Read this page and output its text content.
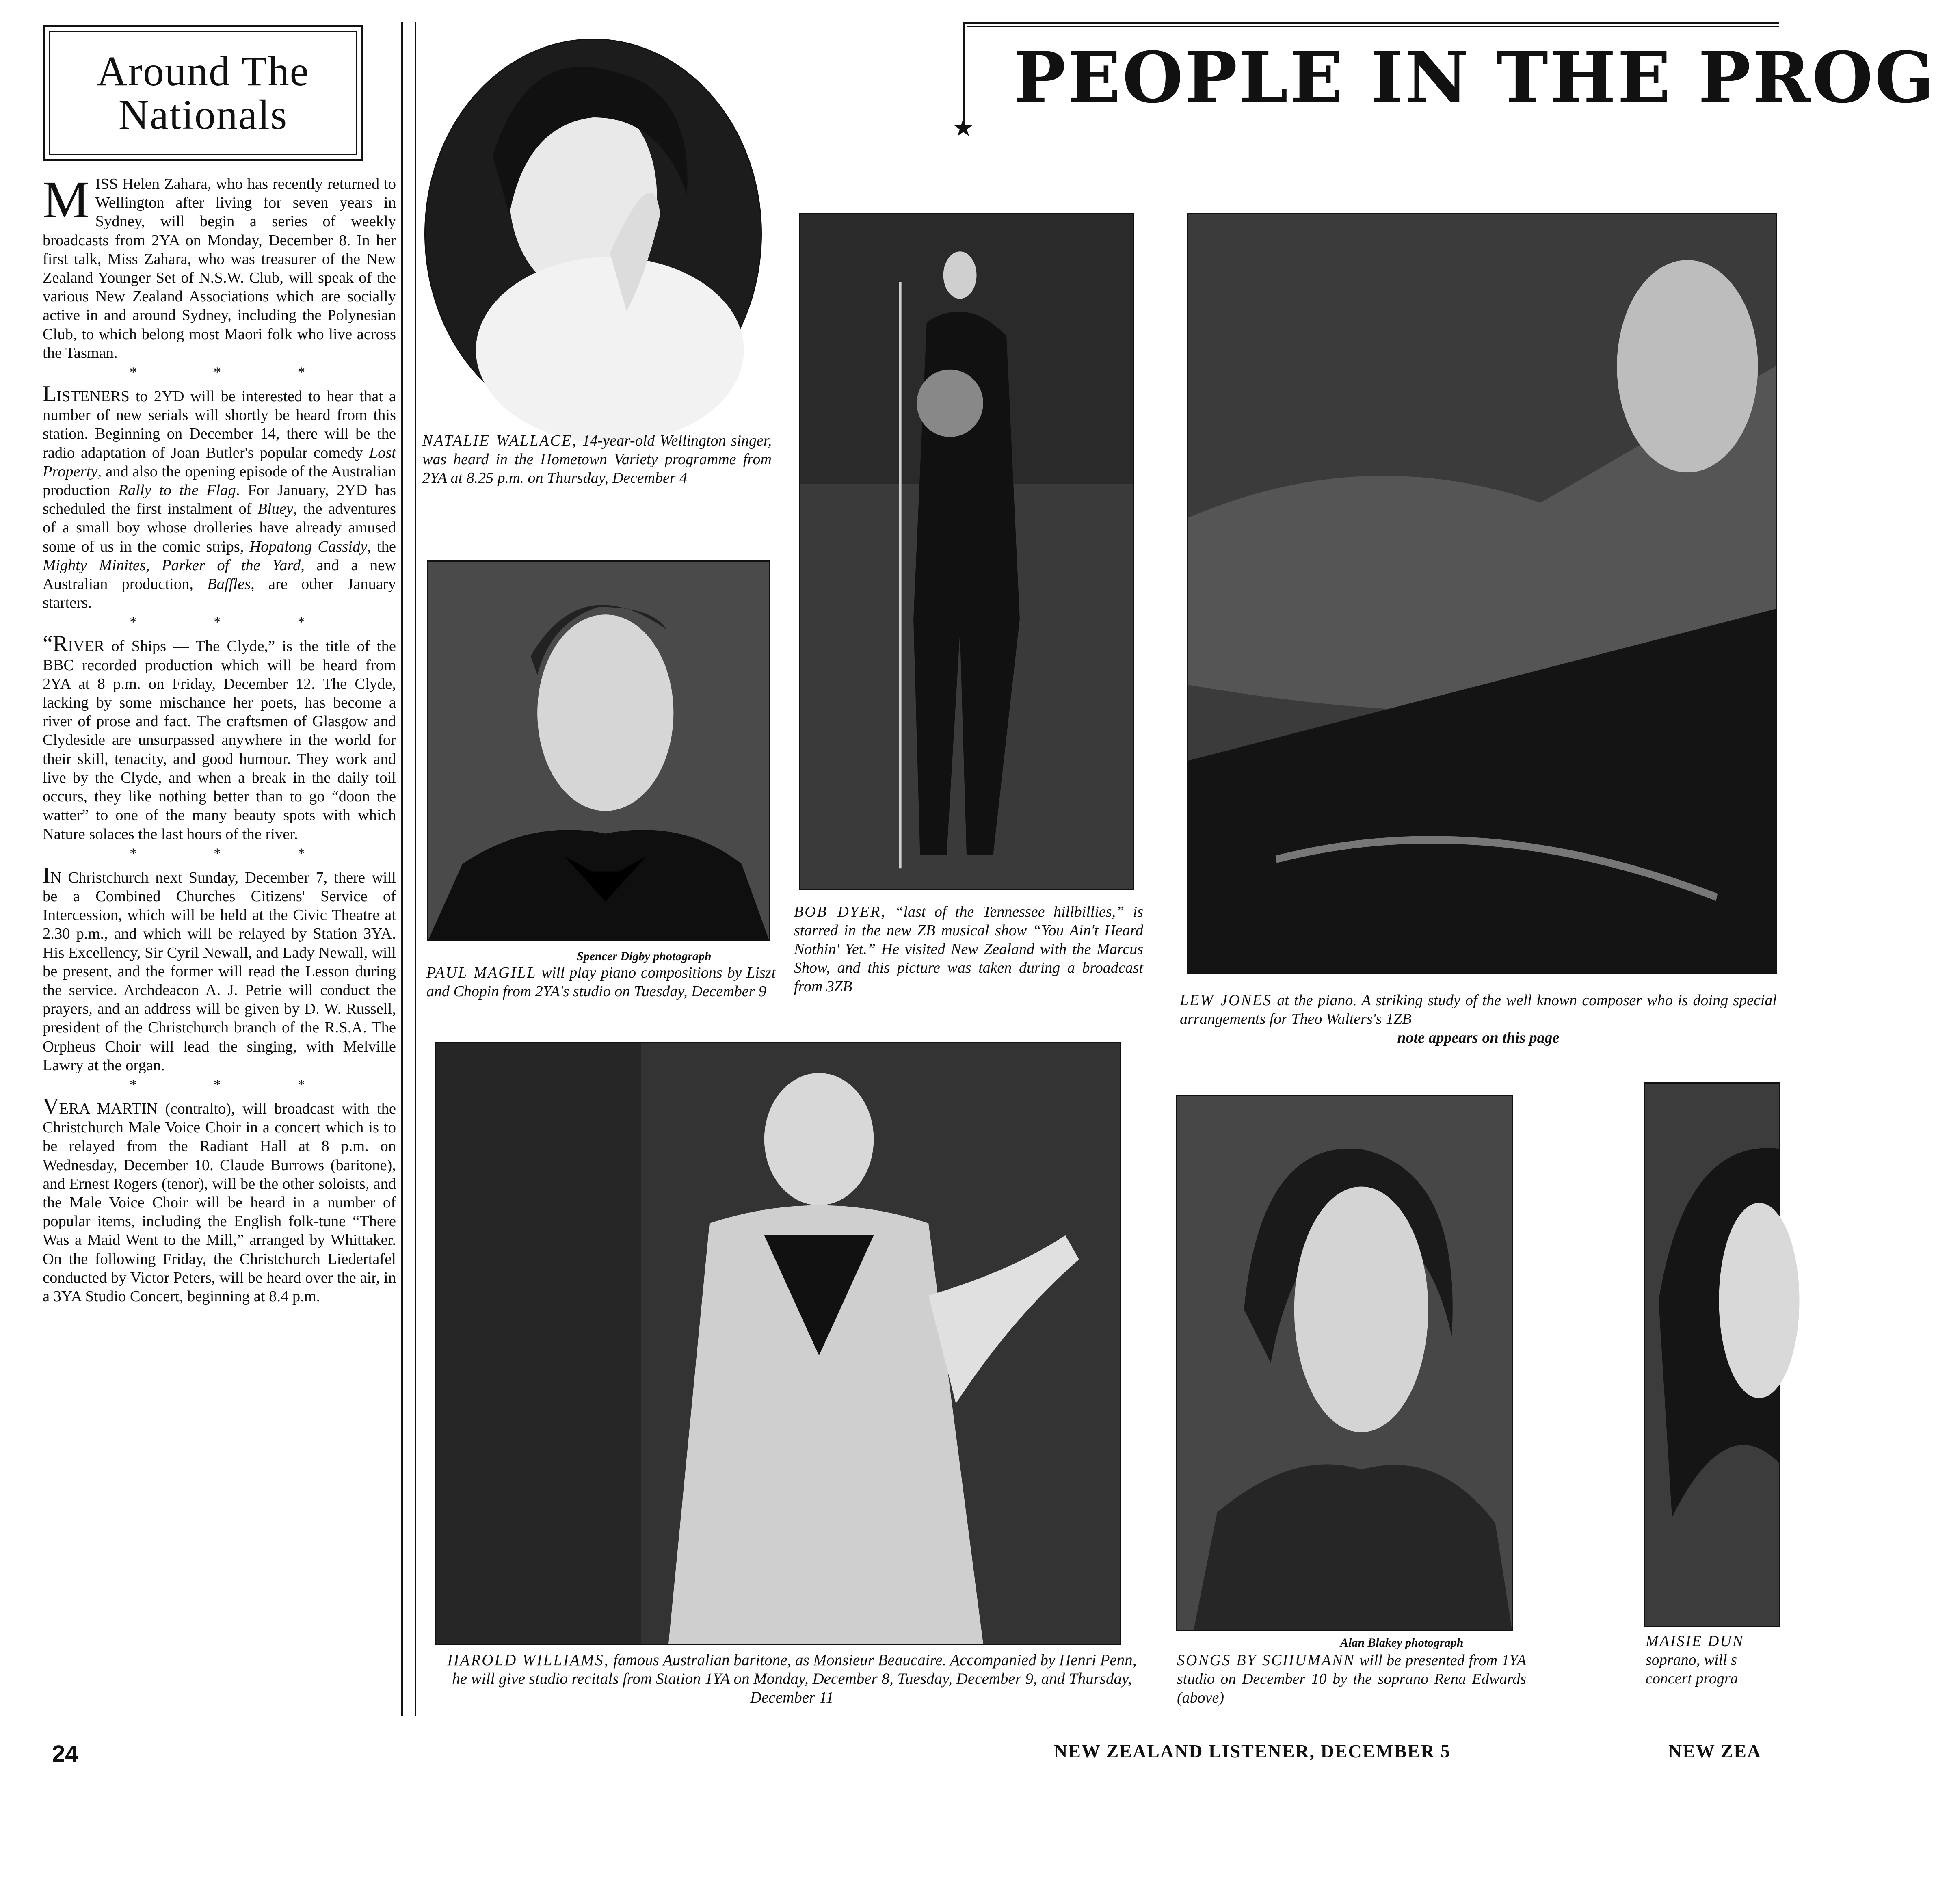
Around The
Nationals

M ISS Helen Zahara, who has recently returned to Wellington after living for seven years in Sydney, will begin a series of weekly broadcasts from 2YA on Monday, December 8. In her first talk, Miss Zahara, who was treasurer of the New Zealand Younger Set of N.S.W. Club, will speak of the various New Zealand Associations which are socially active in and around Sydney, including the Polynesian Club, to which belong most Maori folk who live across the Tasman.

* * *

LISTENERS to 2YD will be interested to hear that a number of new serials will shortly be heard from this station. Beginning on December 14, there will be the radio adaptation of Joan Butler's popular comedy Lost Property, and also the opening episode of the Australian production Rally to the Flag. For January, 2YD has scheduled the first instalment of Bluey, the adventures of a small boy whose drolleries have already amused some of us in the comic strips, Hopalong Cassidy, the Mighty Minites, Parker of the Yard, and a new Australian production, Baffles, are other January starters.

* * *

“RIVER of Ships — The Clyde,” is the title of the BBC recorded production which will be heard from 2YA at 8 p.m. on Friday, December 12. The Clyde, lacking by some mischance her poets, has become a river of prose and fact. The craftsmen of Glasgow and Clydeside are unsurpassed anywhere in the world for their skill, tenacity, and good humour. They work and live by the Clyde, and when a break in the daily toil occurs, they like nothing better than to go “doon the watter” to one of the many beauty spots with which Nature solaces the last hours of the river.

* * *

IN Christchurch next Sunday, December 7, there will be a Combined Churches Citizens' Service of Intercession, which will be held at the Civic Theatre at 2.30 p.m., and which will be relayed by Station 3YA. His Excellency, Sir Cyril Newall, and Lady Newall, will be present, and the former will read the Lesson during the service. Archdeacon A. J. Petrie will conduct the prayers, and an address will be given by D. W. Russell, president of the Christchurch branch of the R.S.A. The Orpheus Choir will lead the singing, with Melville Lawry at the organ.

* * *

VERA MARTIN (contralto), will broadcast with the Christchurch Male Voice Choir in a concert which is to be relayed from the Radiant Hall at 8 p.m. on Wednesday, December 10. Claude Burrows (baritone), and Ernest Rogers (tenor), will be the other soloists, and the Male Voice Choir will be heard in a number of popular items, including the English folk-tune “There Was a Maid Went to the Mill,” arranged by Whittaker. On the following Friday, the Christchurch Liedertafel conducted by Victor Peters, will be heard over the air, in a 3YA Studio Concert, beginning at 8.4 p.m.

PEOPLE IN THE PROG
★
NATALIE WALLACE, 14-year-old Wellington singer, was heard in the Hometown Variety programme from 2YA at 8.25 p.m. on Thursday, December 4
Spencer Digby photograph
PAUL MAGILL will play piano compositions by Liszt and Chopin from 2YA's studio on Tuesday, December 9
BOB DYER, “last of the Tennessee hillbillies,” is starred in the new ZB musical show “You Ain't Heard Nothin' Yet.” He visited New Zealand with the Marcus Show, and this picture was taken during a broadcast from 3ZB
LEW JONES at the piano. A striking study of the well known composer who is doing special arrangements for Theo Walters's 1ZB
note appears on this page
HAROLD WILLIAMS, famous Australian baritone, as Monsieur Beaucaire. Accompanied by Henri Penn, he will give studio recitals from Station 1YA on Monday, December 8, Tuesday, December 9, and Thursday, December 11
Alan Blakey photograph
SONGS BY SCHUMANN will be presented from 1YA studio on December 10 by the soprano Rena Edwards (above)
MAISIE DUN
soprano, will s
concert progra
24	NEW ZEALAND LISTENER, DECEMBER 5	NEW ZEA
